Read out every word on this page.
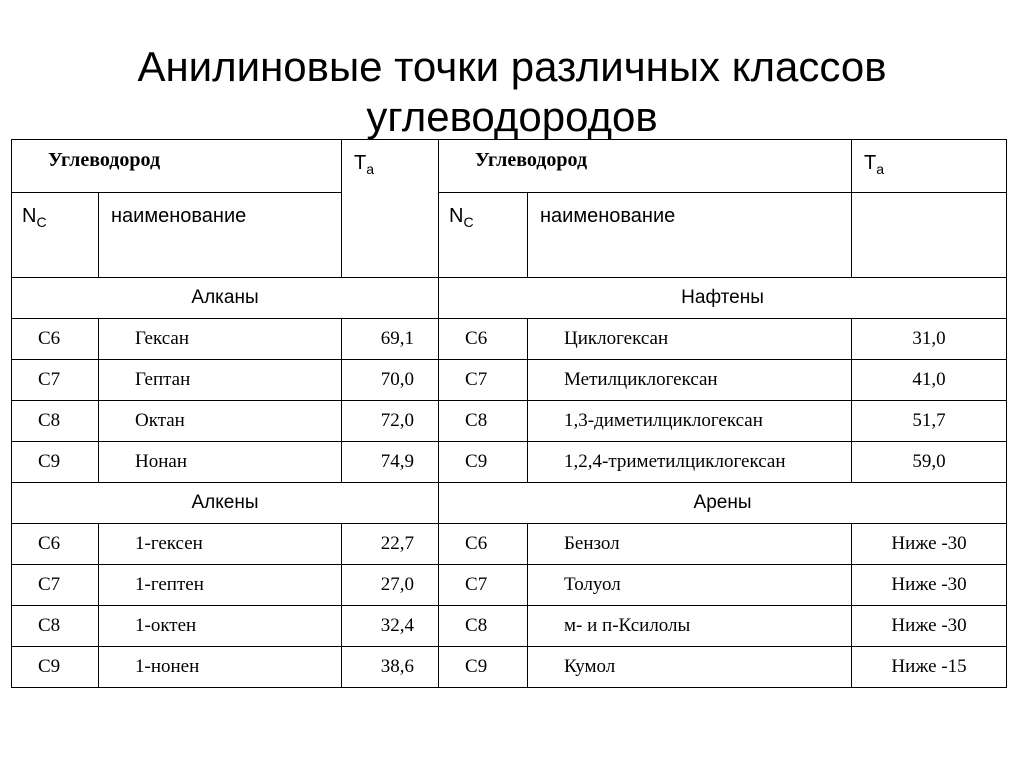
Анилиновые точки различных классов
углеводородов
Углеводород		$T_a$	Углеводород		$T_a$
$N_C$	наименование		$N_C$	наименование	
Алканы			Нафтены		
С6	Гексан	69,1	С6	Циклогексан	31,0
С7	Гептан	70,0	С7	Метилциклогексан	41,0
С8	Октан	72,0	С8	1,3-диметилциклогексан	51,7
С9	Нонан	74,9	С9	1,2,4-триметилциклогексан	59,0
Алкены			Арены		
С6	1-гексен	22,7	С6	Бензол	Ниже -30
С7	1-гептен	27,0	С7	Толуол	Ниже -30
С8	1-октен	32,4	С8	м- и п-Ксилолы	Ниже -30
С9	1-нонен	38,6	С9	Кумол	Ниже -15
